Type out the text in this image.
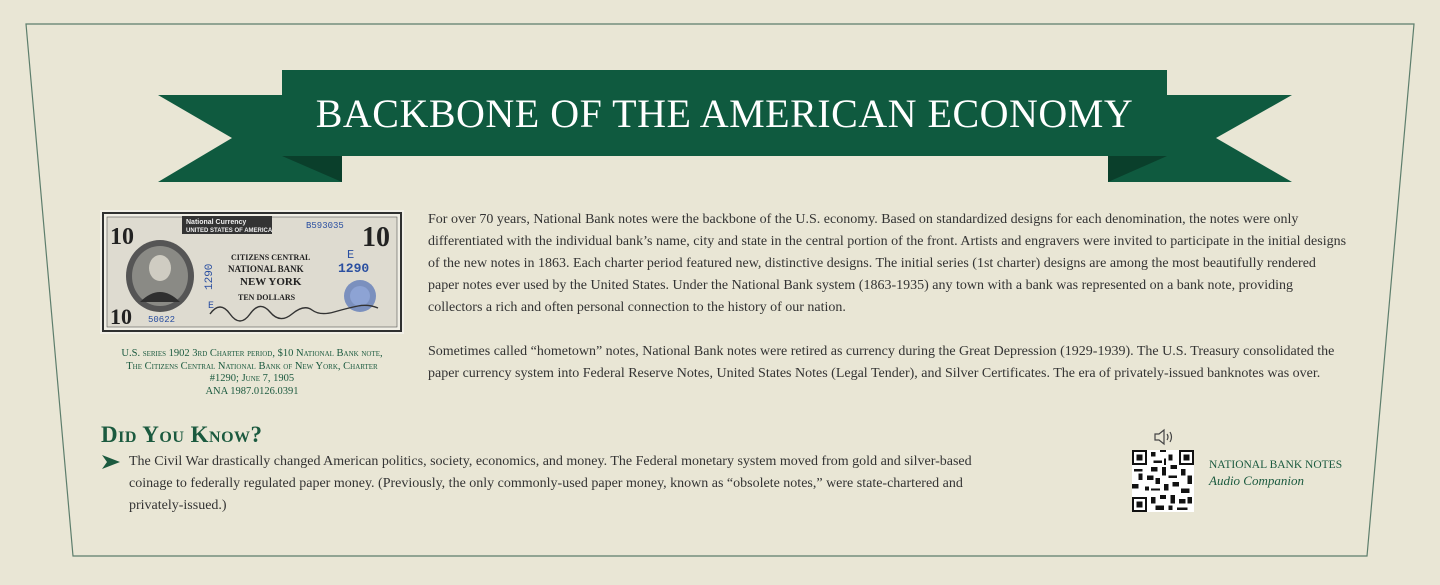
BACKBONE OF THE AMERICAN ECONOMY
10	10
10
National Currency
UNITED STATES OF AMERICA	B593035
1290
E
E
1290
CITIZENS CENTRAL
NATIONAL BANK
NEW YORK
TEN DOLLARS
50622
U.S. series 1902 3rd Charter period, $10 National Bank note,
The Citizens Central National Bank of New York, Charter
#1290; June 7, 1905
ANA 1987.0126.0391

For over 70 years, National Bank notes were the backbone of the U.S. economy. Based on standardized designs for each denomination, the notes were only differentiated with the individual bank’s name, city and state in the central portion of the front. Artists and engravers were invited to participate in the initial designs of the new notes in 1863. Each charter period featured new, distinctive designs. The initial series (1st charter) designs are among the most beautifully rendered paper notes ever used by the United States. Under the National Bank system (1863-1935) any town with a bank was represented on a bank note, providing collectors a rich and often personal connection to the history of our nation.

Sometimes called “hometown” notes, National Bank notes were retired as currency during the Great Depression (1929-1939). The U.S. Treasury consolidated the paper currency system into Federal Reserve Notes, United States Notes (Legal Tender), and Silver Certificates. The era of privately-issued banknotes was over.

Did You Know?
The Civil War drastically changed American politics, society, economics, and money. The Federal monetary system moved from gold and silver-based coinage to federally regulated paper money. (Previously, the only commonly-used paper money, known as “obsolete notes,” were state-chartered and privately-issued.)
NATIONAL BANK NOTES
Audio Companion
